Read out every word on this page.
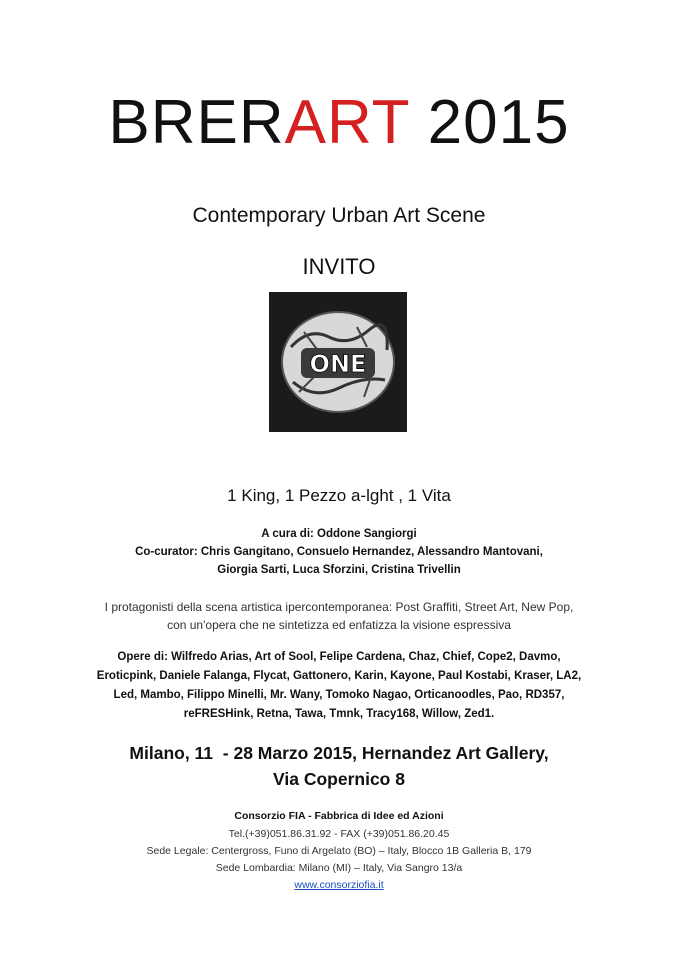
BRERART 2015
Contemporary Urban Art Scene
INVITO
ONE
1 King, 1 Pezzo a-lght , 1 Vita
A cura di: Oddone Sangiorgi
Co-curator: Chris Gangitano, Consuelo Hernandez, Alessandro Mantovani,
Giorgia Sarti, Luca Sforzini, Cristina Trivellin
I protagonisti della scena artistica ipercontemporanea: Post Graffiti, Street Art, New Pop,
con un'opera che ne sintetizza ed enfatizza la visione espressiva
Opere di: Wilfredo Arias, Art of Sool, Felipe Cardena, Chaz, Chief, Cope2, Davmo,
Eroticpink, Daniele Falanga, Flycat, Gattonero, Karin, Kayone, Paul Kostabi, Kraser, LA2,
Led, Mambo, Filippo Minelli, Mr. Wany, Tomoko Nagao, Orticanoodles, Pao, RD357,
reFRESHink, Retna, Tawa, Tmnk, Tracy168, Willow, Zed1.
Milano, 11  - 28 Marzo 2015, Hernandez Art Gallery,
Via Copernico 8
Consorzio FIA - Fabbrica di Idee ed Azioni
Tel.(+39)051.86.31.92 - FAX (+39)051.86.20.45
Sede Legale: Centergross, Funo di Argelato (BO) – Italy, Blocco 1B Galleria B, 179
Sede Lombardia: Milano (MI) – Italy, Via Sangro 13/a
www.consorziofia.it
